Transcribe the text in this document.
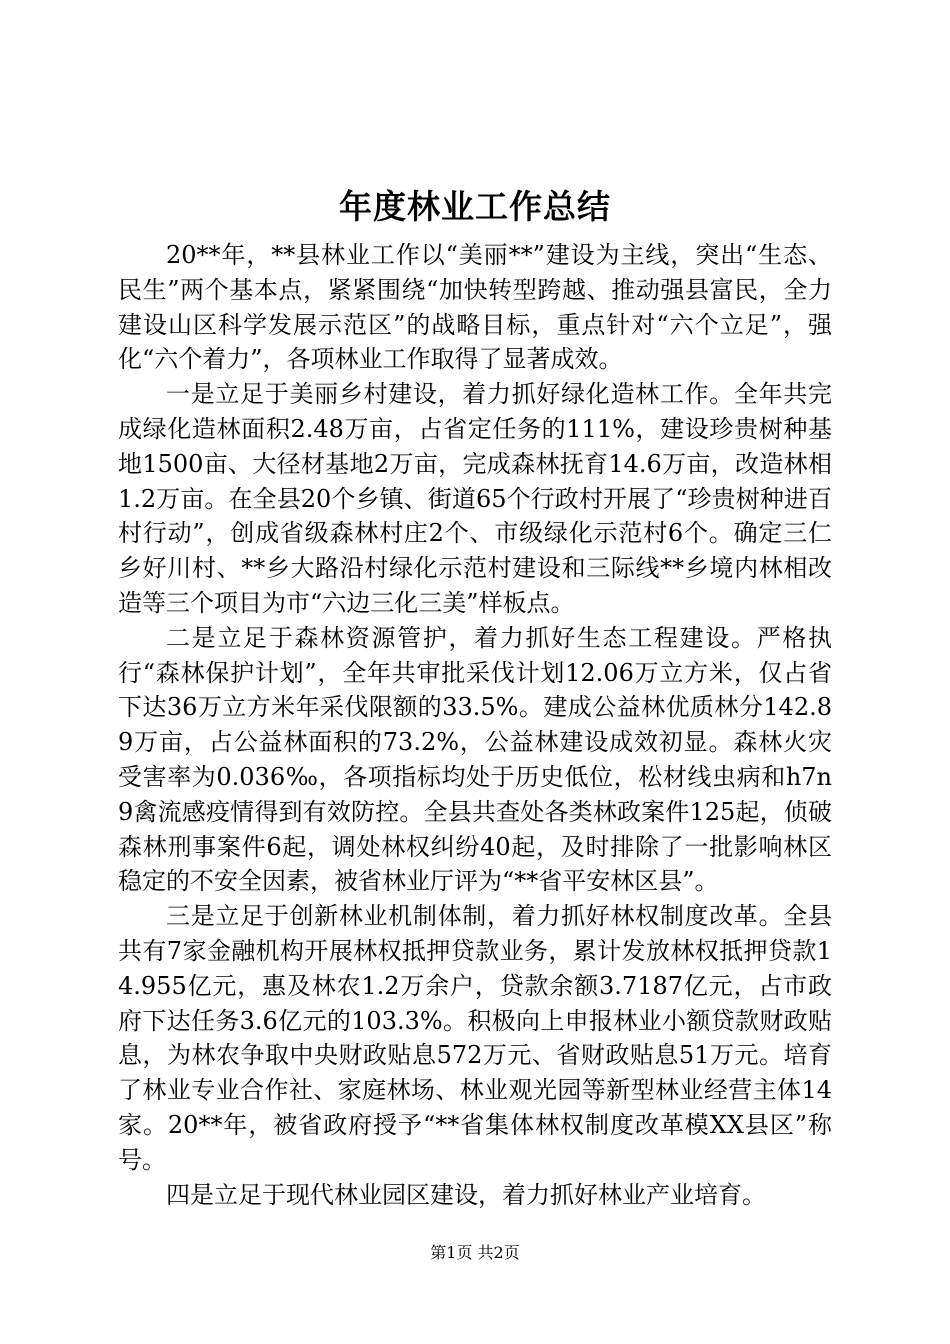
年度林业工作总结

20**年，**县林业工作以“美丽**”建设为主线，突出“生态、民生”两个基本点，紧紧围绕“加快转型跨越、推动强县富民，全力建设山区科学发展示范区”的战略目标，重点针对“六个立足”，强化“六个着力”，各项林业工作取得了显著成效。

一是立足于美丽乡村建设，着力抓好绿化造林工作。全年共完成绿化造林面积2.48万亩，占省定任务的111%，建设珍贵树种基地1500亩、大径材基地2万亩，完成森林抚育14.6万亩，改造林相1.2万亩。在全县20个乡镇、街道65个行政村开展了“珍贵树种进百村行动”，创成省级森林村庄2个、市级绿化示范村6个。确定三仁乡好川村、**乡大路沿村绿化示范村建设和三际线**乡境内林相改造等三个项目为市“六边三化三美”样板点。

二是立足于森林资源管护，着力抓好生态工程建设。严格执行“森林保护计划”，全年共审批采伐计划12.06万立方米，仅占省下达36万立方米年采伐限额的33.5%。建成公益林优质林分142.89万亩，占公益林面积的73.2%，公益林建设成效初显。森林火灾受害率为0.036‰，各项指标均处于历史低位，松材线虫病和h7n9禽流感疫情得到有效防控。全县共查处各类林政案件125起，侦破森林刑事案件6起，调处林权纠纷40起，及时排除了一批影响林区稳定的不安全因素，被省林业厅评为“**省平安林区县”。

三是立足于创新林业机制体制，着力抓好林权制度改革。全县共有7家金融机构开展林权抵押贷款业务，累计发放林权抵押贷款14.955亿元，惠及林农1.2万余户，贷款余额3.7187亿元，占市政府下达任务3.6亿元的103.3%。积极向上申报林业小额贷款财政贴息，为林农争取中央财政贴息572万元、省财政贴息51万元。培育了林业专业合作社、家庭林场、林业观光园等新型林业经营主体14家。20**年，被省政府授予“**省集体林权制度改革模XX县区”称号。

四是立足于现代林业园区建设，着力抓好林业产业培育。

第1页 共2页
